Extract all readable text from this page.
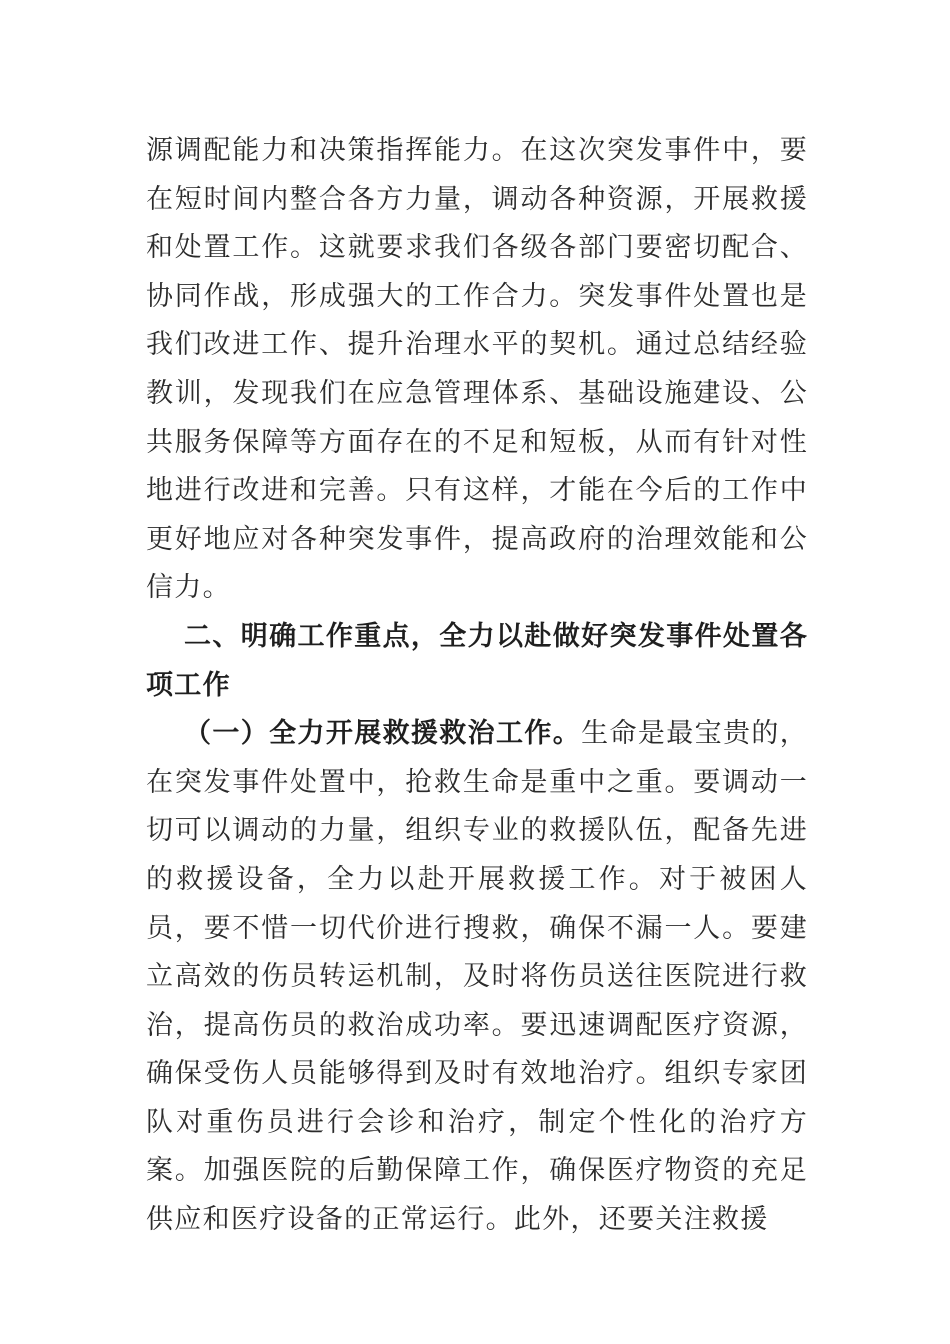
源调配能力和决策指挥能力。在这次突发事件中，要在短时间内整合各方力量，调动各种资源，开展救援和处置工作。这就要求我们各级各部门要密切配合、协同作战，形成强大的工作合力。突发事件处置也是我们改进工作、提升治理水平的契机。通过总结经验教训，发现我们在应急管理体系、基础设施建设、公共服务保障等方面存在的不足和短板，从而有针对性地进行改进和完善。只有这样，才能在今后的工作中更好地应对各种突发事件，提高政府的治理效能和公信力。

二、明确工作重点，全力以赴做好突发事件处置各项工作

（一）全力开展救援救治工作。生命是最宝贵的，在突发事件处置中，抢救生命是重中之重。要调动一切可以调动的力量，组织专业的救援队伍，配备先进的救援设备，全力以赴开展救援工作。对于被困人员，要不惜一切代价进行搜救，确保不漏一人。要建立高效的伤员转运机制，及时将伤员送往医院进行救治，提高伤员的救治成功率。要迅速调配医疗资源，确保受伤人员能够得到及时有效地治疗。组织专家团队对重伤员进行会诊和治疗，制定个性化的治疗方案。加强医院的后勤保障工作，确保医疗物资的充足供应和医疗设备的正常运行。此外，还要关注救援
